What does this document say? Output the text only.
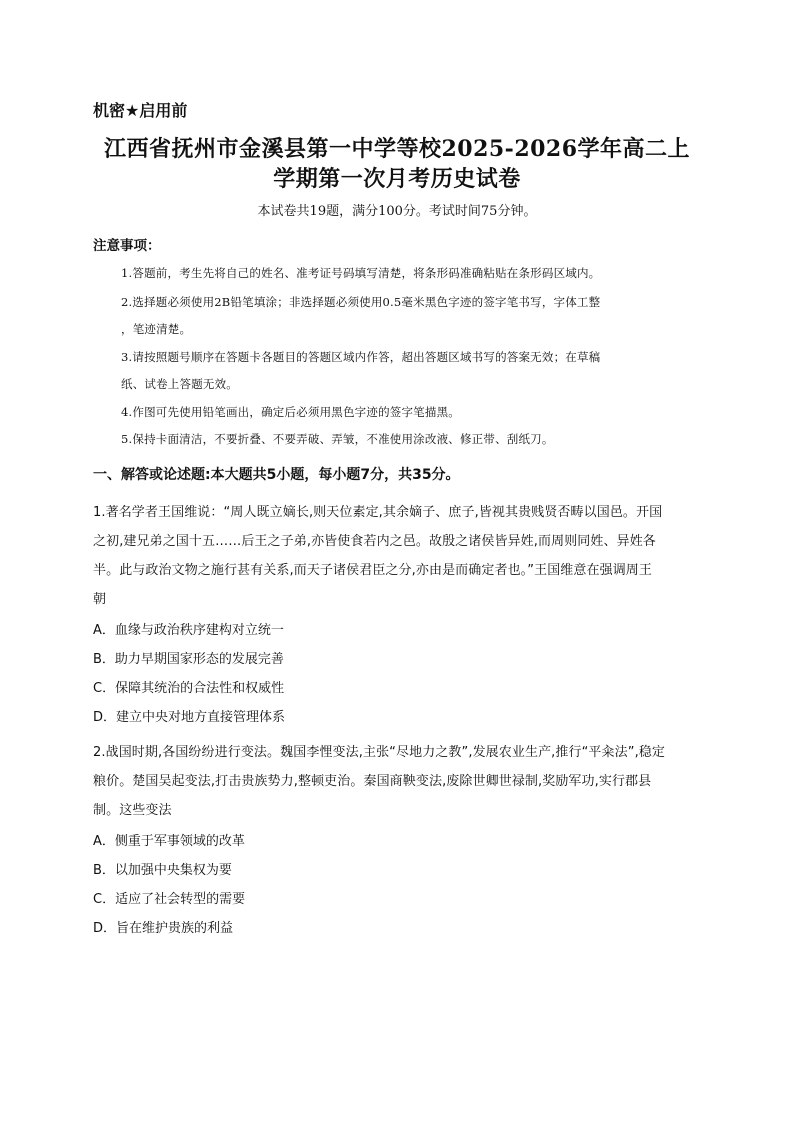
机密★启用前
江西省抚州市金溪县第一中学等校2025-2026学年高二上
学期第一次月考历史试卷
本试卷共19题，满分100分。考试时间75分钟。
注意事项：
1.答题前，考生先将自己的姓名、准考证号码填写清楚，将条形码准确粘贴在条形码区域内。
2.选择题必须使用2B铅笔填涂；非选择题必须使用0.5毫米黑色字迹的签字笔书写，字体工整
，笔迹清楚。
3.请按照题号顺序在答题卡各题目的答题区域内作答，超出答题区域书写的答案无效；在草稿
纸、试卷上答题无效。
4.作图可先使用铅笔画出，确定后必须用黑色字迹的签字笔描黑。
5.保持卡面清洁，不要折叠、不要弄破、弄皱，不准使用涂改液、修正带、刮纸刀。
一、解答或论述题:本大题共5小题，每小题7分，共35分。
1.著名学者王国维说：“周人既立嫡长,则天位素定,其余嫡子、庶子,皆视其贵贱贤否畴以国邑。开国
之初,建兄弟之国十五……后王之子弟,亦皆使食若内之邑。故殷之诸侯皆异姓,而周则同姓、异姓各
半。此与政治文物之施行甚有关系,而天子诸侯君臣之分,亦由是而确定者也。”王国维意在强调周王
朝
A．血缘与政治秩序建构对立统一
B．助力早期国家形态的发展完善
C．保障其统治的合法性和权威性
D．建立中央对地方直接管理体系
2.战国时期,各国纷纷进行变法。魏国李悝变法,主张“尽地力之教”,发展农业生产,推行“平籴法”,稳定
粮价。楚国吴起变法,打击贵族势力,整顿吏治。秦国商鞅变法,废除世卿世禄制,奖励军功,实行郡县
制。这些变法
A．侧重于军事领域的改革
B．以加强中央集权为要
C．适应了社会转型的需要
D．旨在维护贵族的利益
